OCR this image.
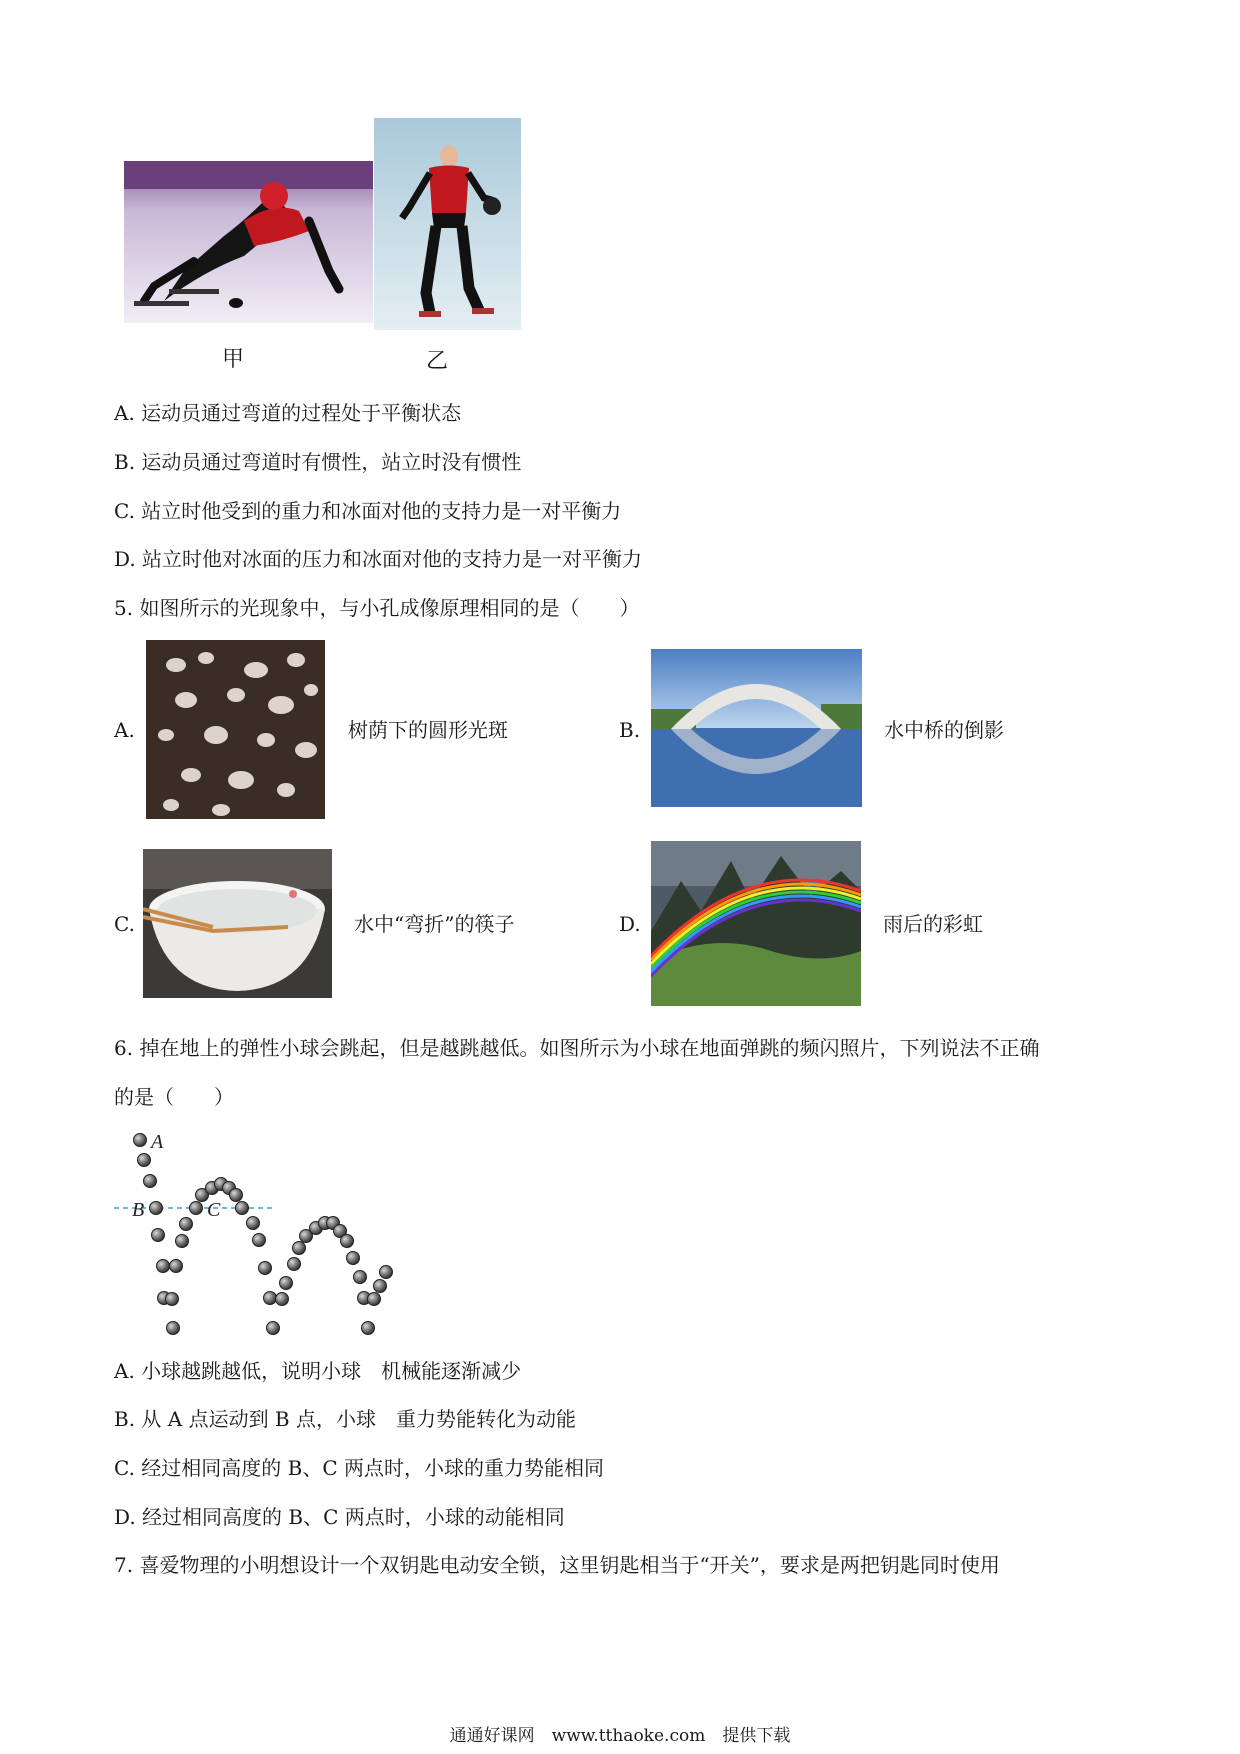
甲	乙
A. 运动员通过弯道的过程处于平衡状态
B. 运动员通过弯道时有惯性，站立时没有惯性
C. 站立时他受到的重力和冰面对他的支持力是一对平衡力
D. 站立时他对冰面的压力和冰面对他的支持力是一对平衡力
5. 如图所示的光现象中，与小孔成像原理相同的是（　　）
A.	树荫下的圆形光斑	B.	水中桥的倒影
C.	水中“弯折”的筷子	D.	雨后的彩虹
6. 掉在地上的弹性小球会跳起，但是越跳越低。如图所示为小球在地面弹跳的频闪照片，下列说法不正确
的是（　　）
A
B	C
A. 小球越跳越低，说明小球　机械能逐渐减少
B. 从 A 点运动到 B 点，小球　重力势能转化为动能
C. 经过相同高度的 B、C 两点时，小球的重力势能相同
D. 经过相同高度的 B、C 两点时，小球的动能相同
7. 喜爱物理的小明想设计一个双钥匙电动安全锁，这里钥匙相当于“开关”，要求是两把钥匙同时使用
通通好课网　www.tthaoke.com　提供下载
